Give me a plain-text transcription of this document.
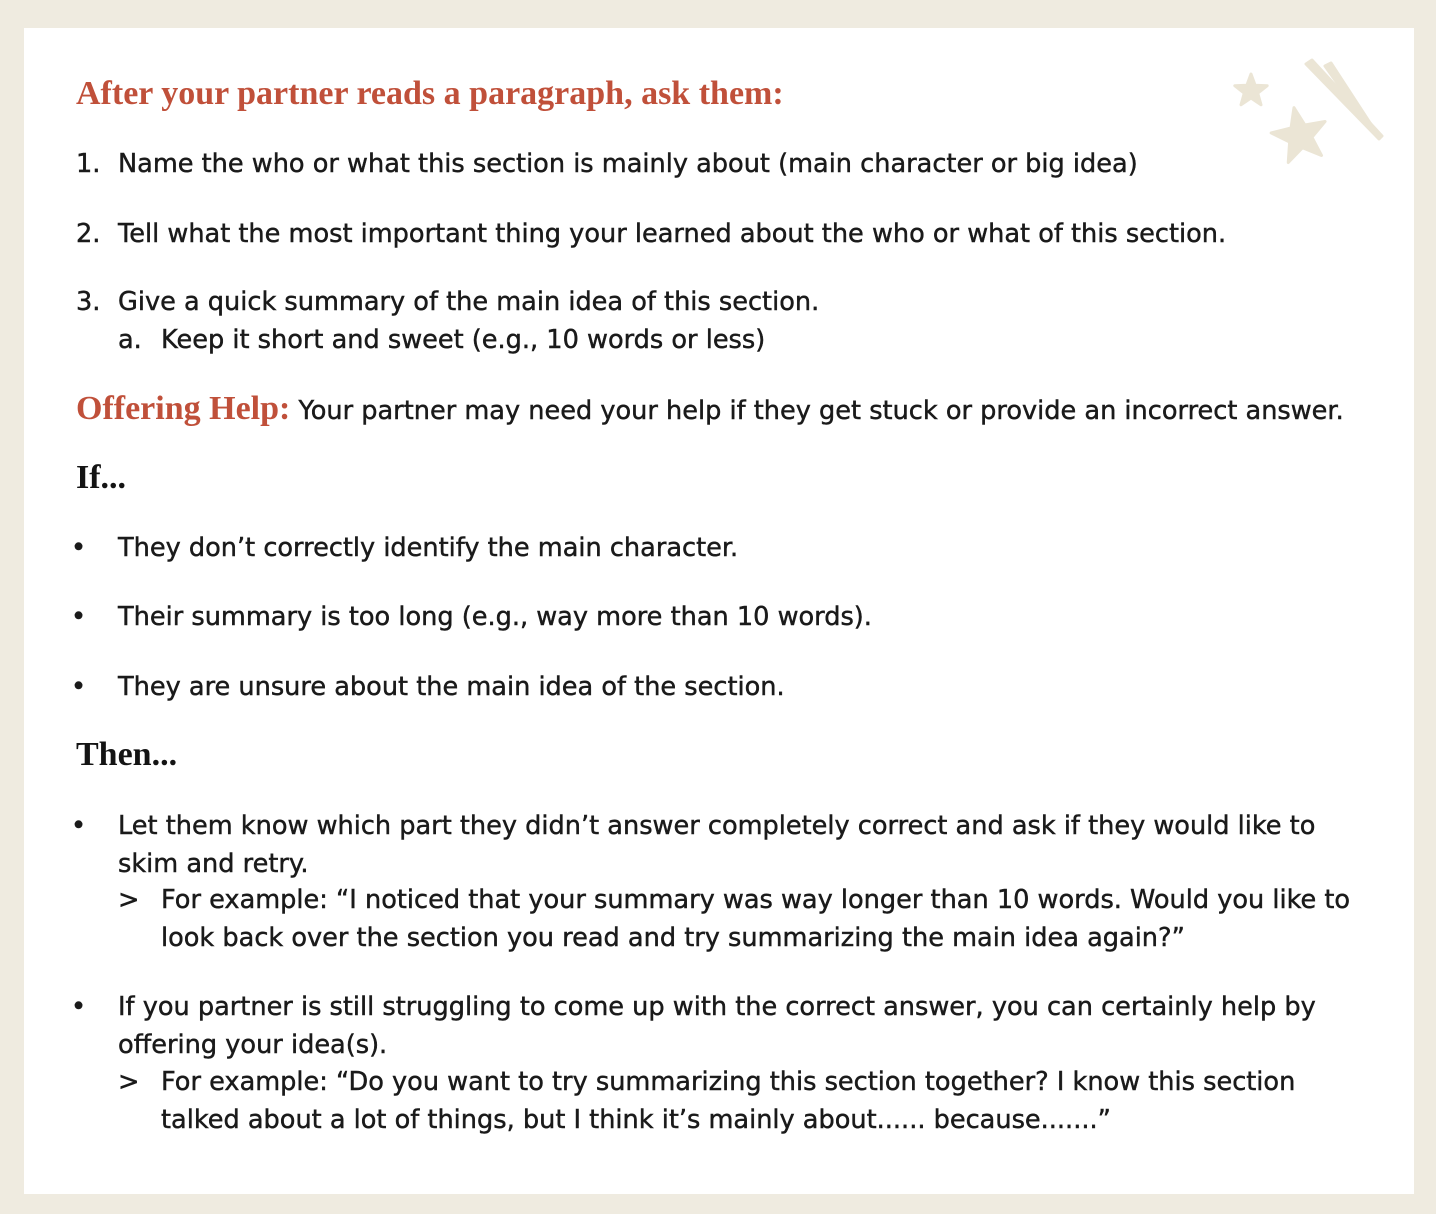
After your partner reads a paragraph, ask them:
1. Name the who or what this section is mainly about (main character or big idea)
2. Tell what the most important thing your learned about the who or what of this section.
3. Give a quick summary of the main idea of this section.
a. Keep it short and sweet (e.g., 10 words or less)
Offering Help: Your partner may need your help if they get stuck or provide an incorrect answer.
If...
• They don’t correctly identify the main character.
• Their summary is too long (e.g., way more than 10 words).
• They are unsure about the main idea of the section.
Then...
• Let them know which part they didn’t answer completely correct and ask if they would like to skim and retry.
> For example: “I noticed that your summary was way longer than 10 words. Would you like to look back over the section you read and try summarizing the main idea again?”
• If you partner is still struggling to come up with the correct answer, you can certainly help by offering your idea(s).
> For example: “Do you want to try summarizing this section together? I know this section talked about a lot of things, but I think it’s mainly about...... because.......”
